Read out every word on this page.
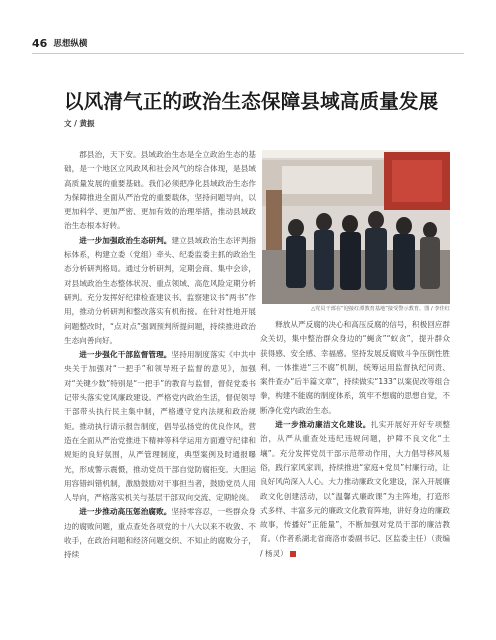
46 思想纵横
以风清气正的政治生态保障县域高质量发展
文 / 黄振

郡县治，天下安。县域政治生态是全立政治生态的基础，是一个地区立风政风和社会风气的综合体现，是县域高质量发展的重要基础。我们必须把净化县域政治生态作为保障推进全面从严治党的重要载体，坚持问题导向，以更加科学、更加严密、更加有效的治理举措，推动县域政治生态根本好转。

进一步加强政治生态研判。建立县域政治生态评判指标体系，构建立委（党组）牵头、纪委监委主抓的政治生态分析研判格局。通过分析研判，定期会商、集中会诊，对县域政治生态整体状况、重点领域、高危风险定期分析研判。充分发挥好纪律检查建议书、监察建议书“两书”作用，推动分析研判和整改落实有机衔接。在针对性地开展问题整改时，“点对点”强调预判所提问题，持续推进政治生态向善向好。

进一步强化干部监督管理。坚持用制度落实《中共中央关于加强对“一把手”和领导班子监督的意见》，加强对“关键少数”特别是“一把手”的教育与监督，督促党委书记带头落实党风廉政建设。严格党内政治生活，督促领导干部带头执行民主集中制，严格遵守党内法规和政治规矩。推动执行请示报告制度，倡导弘扬党的优良作风，营造在全面从严治党推进下精神等科学运用方面遵守纪律和规矩的良好氛围，从严管理制度，典型案例及时通报曝光，形成警示震慑，推动党员干部自觉防腐拒变。大胆运用容错纠错机制，激励鼓励对干事担当者，鼓励党员人用人导向，严格落实机关与基层干部双向交流、定期轮岗。

进一步推动高压惩治腐败。坚持零容忍，一些群众身边的腐败问题，重点查处各项党的十八大以来不收敛、不收手，在政治问题和经济问题交织、不知止的腐败分子，持续

△党员干部在“迎接红潭教育基地”接受警示教育。图 / 李佳红

释放从严反腐的决心和高压反腐的信号，积极回应群众关切，集中整治群众身边的“蝇贪”“蚁贪”，提升群众获得感、安全感、幸福感。坚持发展反腐败斗争压倒性胜利，一体推进“三不腐”机制，统筹运用监督执纪问责、案件查办“后半篇文章”，持续做实“133”以案促改等组合拳，构建不能腐的制度体系，筑牢不想腐的思想自觉，不断净化党内政治生态。

进一步推动廉洁文化建设。扎实开展好开好专项整治，从严从重查处违纪违规问题，护障不良文化“土壤”。充分发挥党员干部示范带动作用，大力倡导移风易俗，践行家风家训，持续推进“家庭+党员”村廉行动，让良好风尚深入人心。大力推动廉政文化建设，深入开展廉政文化创建活动，以“温馨式廉政课”为主阵地，打造形式多样、丰富多元的廉政文化教育阵地，讲好身边的廉政故事，传播好“正能量”，不断加强对党员干部的廉洁教育。（作者系湖北省商洛市委副书记、区监委主任）（责编 / 杨灵）
